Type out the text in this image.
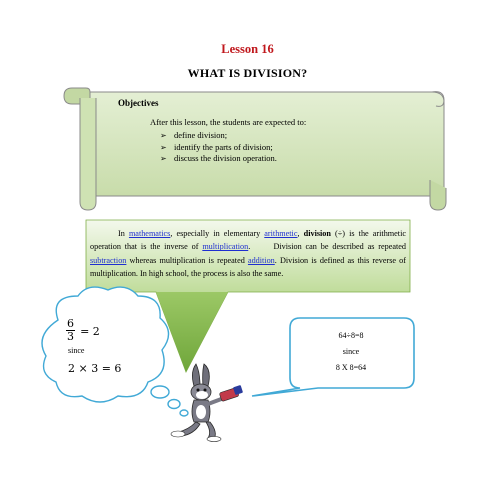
Lesson 16
WHAT IS DIVISION?
Objectives
After this lesson, the students are expected to:
➢ define division;
➢ identify the parts of division;
➢ discuss the division operation.
In mathematics, especially in elementary arithmetic, division (÷) is the arithmetic operation that is the inverse of multiplication.      Division can be described as repeated subtraction whereas multiplication is repeated addition. Division is defined as this reverse of multiplication. In high school, the process is also the same.
$\frac{6}{3} = 2$
since
2 × 3 = 6
64÷8=8
since
8 X 8=64
